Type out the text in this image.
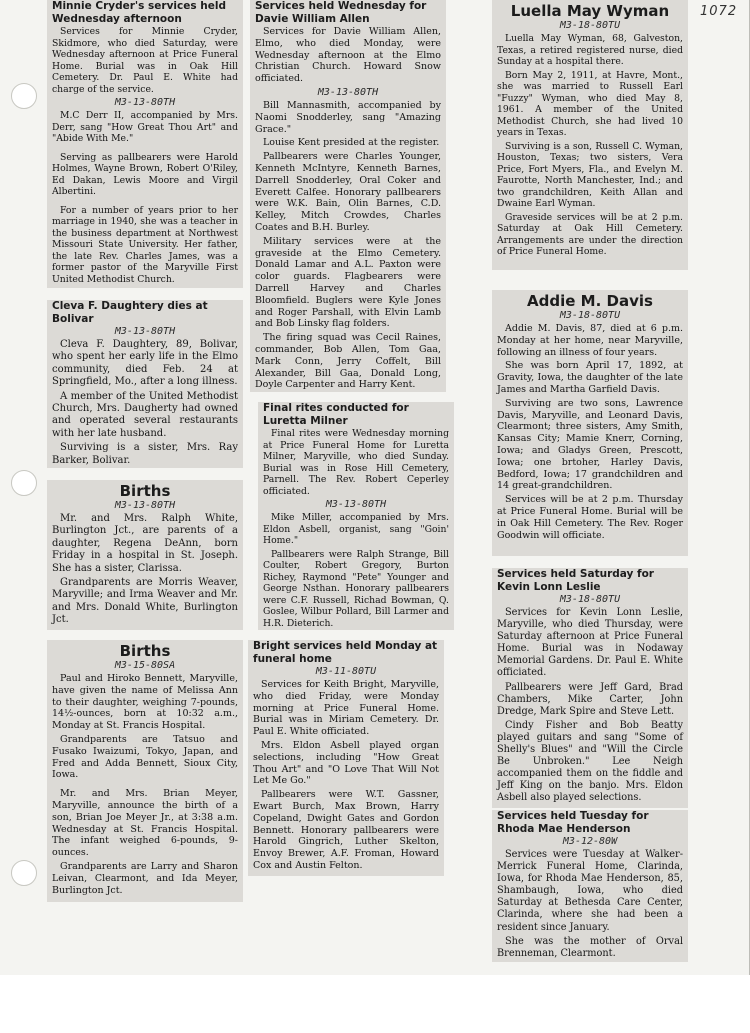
1072
Minnie Cryder's services held Wednesday afternoon

Services for Minnie Cryder, Skidmore, who died Saturday, were Wednesday afternoon at Price Funeral Home. Burial was in Oak Hill Cemetery. Dr. Paul E. White had charge of the service.

M3-13-80TH

M.C Derr II, accompanied by Mrs. Derr, sang "How Great Thou Art" and "Abide With Me."

Serving as pallbearers were Harold Holmes, Wayne Brown, Robert O'Riley, Ed Dakan, Lewis Moore and Virgil Albertini.

For a number of years prior to her marriage in 1940, she was a teacher in the business department at Northwest Missouri State University. Her father, the late Rev. Charles James, was a former pastor of the Maryville First United Methodist Church.

Cleva F. Daughtery dies at Bolivar
M3-13-80TH

Cleva F. Daughtery, 89, Bolivar, who spent her early life in the Elmo community, died Feb. 24 at Springfield, Mo., after a long illness.

A member of the United Methodist Church, Mrs. Daugherty had owned and operated several restaurants with her late husband.

Surviving is a sister, Mrs. Ray Barker, Bolivar.

Births
M3-13-80TH

Mr. and Mrs. Ralph White, Burlington Jct., are parents of a daughter, Regena DeAnn, born Friday in a hospital in St. Joseph. She has a sister, Clarissa.

Grandparents are Morris Weaver, Maryville; and Irma Weaver and Mr. and Mrs. Donald White, Burlington Jct.

Births
M3-15-80SA

Paul and Hiroko Bennett, Maryville, have given the name of Melissa Ann to their daughter, weighing 7-pounds, 14½-ounces, born at 10:32 a.m., Monday at St. Francis Hospital.

Grandparents are Tatsuo and Fusako Iwaizumi, Tokyo, Japan, and Fred and Adda Bennett, Sioux City, Iowa.

Mr. and Mrs. Brian Meyer, Maryville, announce the birth of a son, Brian Joe Meyer Jr., at 3:38 a.m. Wednesday at St. Francis Hospital. The infant weighed 6-pounds, 9-ounces.

Grandparents are Larry and Sharon Leivan, Clearmont, and Ida Meyer, Burlington Jct.

Services held Wednesday for Davie William Allen

Services for Davie William Allen, Elmo, who died Monday, were Wednesday afternoon at the Elmo Christian Church. Howard Snow officiated.

M3-13-80TH

Bill Mannasmith, accompanied by Naomi Snodderley, sang "Amazing Grace."

Louise Kent presided at the register.

Pallbearers were Charles Younger, Kenneth McIntyre, Kenneth Barnes, Darrell Snodderley, Oral Coker and Everett Calfee. Honorary pallbearers were W.K. Bain, Olin Barnes, C.D. Kelley, Mitch Crowdes, Charles Coates and B.H. Burley.

Military services were at the graveside at the Elmo Cemetery. Donald Lamar and A.L. Paxton were color guards. Flagbearers were Darrell Harvey and Charles Bloomfield. Buglers were Kyle Jones and Roger Parshall, with Elvin Lamb and Bob Linsky flag folders.

The firing squad was Cecil Raines, commander, Bob Allen, Tom Gaa, Mark Conn, Jerry Coffelt, Bill Alexander, Bill Gaa, Donald Long, Doyle Carpenter and Harry Kent.

Final rites conducted for Luretta Milner

Final rites were Wednesday morning at Price Funeral Home for Luretta Milner, Maryville, who died Sunday. Burial was in Rose Hill Cemetery, Parnell. The Rev. Robert Ceperley officiated.

M3-13-80TH

Mike Miller, accompanied by Mrs. Eldon Asbell, organist, sang "Goin' Home."

Pallbearers were Ralph Strange, Bill Coulter, Robert Gregory, Burton Richey, Raymond "Pete" Younger and George Nsthan. Honorary pallbearers were C.F. Russell, Richad Bowman, Q. Goslee, Wilbur Pollard, Bill Larmer and H.R. Dieterich.

Bright services held Monday at funeral home
M3-11-80TU

Services for Keith Bright, Maryville, who died Friday, were Monday morning at Price Funeral Home. Burial was in Miriam Cemetery. Dr. Paul E. White officiated.

Mrs. Eldon Asbell played organ selections, including "How Great Thou Art" and "O Love That Will Not Let Me Go."

Pallbearers were W.T. Gassner, Ewart Burch, Max Brown, Harry Copeland, Dwight Gates and Gordon Bennett. Honorary pallbearers were Harold Gingrich, Luther Skelton, Envoy Brewer, A.F. Froman, Howard Cox and Austin Felton.

Luella May Wyman
M3-18-80TU

Luella May Wyman, 68, Galveston, Texas, a retired registered nurse, died Sunday at a hospital there.

Born May 2, 1911, at Havre, Mont., she was married to Russell Earl "Fuzzy" Wyman, who died May 8, 1961. A member of the United Methodist Church, she had lived 10 years in Texas.

Surviving is a son, Russell C. Wyman, Houston, Texas; two sisters, Vera Price, Fort Myers, Fla., and Evelyn M. Faurotte, North Manchester, Ind.; and two grandchildren, Keith Allan and Dwaine Earl Wyman.

Graveside services will be at 2 p.m. Saturday at Oak Hill Cemetery. Arrangements are under the direction of Price Funeral Home.

Addie M. Davis
M3-18-80TU

Addie M. Davis, 87, died at 6 p.m. Monday at her home, near Maryville, following an illness of four years.

She was born April 17, 1892, at Gravity, Iowa, the daughter of the late James and Martha Garfield Davis.

Surviving are two sons, Lawrence Davis, Maryville, and Leonard Davis, Clearmont; three sisters, Amy Smith, Kansas City; Mamie Knerr, Corning, Iowa; and Gladys Green, Prescott, Iowa; one brtoher, Harley Davis, Bedford, Iowa; 17 grandchildren and 14 great-grandchildren.

Services will be at 2 p.m. Thursday at Price Funeral Home. Burial will be in Oak Hill Cemetery. The Rev. Roger Goodwin will officiate.

Services held Saturday for Kevin Lonn Leslie
M3-18-80TU

Services for Kevin Lonn Leslie, Maryville, who died Thursday, were Saturday afternoon at Price Funeral Home. Burial was in Nodaway Memorial Gardens. Dr. Paul E. White officiated.

Pallbearers were Jeff Gard, Brad Chambers, Mike Carter, John Dredge, Mark Spire and Steve Lett.

Cindy Fisher and Bob Beatty played guitars and sang "Some of Shelly's Blues" and "Will the Circle Be Unbroken." Lee Neigh accompanied them on the fiddle and Jeff King on the banjo. Mrs. Eldon Asbell also played selections.

Services held Tuesday for Rhoda Mae Henderson
M3-12-80W

Services were Tuesday at Walker-Merrick Funeral Home, Clarinda, Iowa, for Rhoda Mae Henderson, 85, Shambaugh, Iowa, who died Saturday at Bethesda Care Center, Clarinda, where she had been a resident since January.

She was the mother of Orval Brenneman, Clearmont.
